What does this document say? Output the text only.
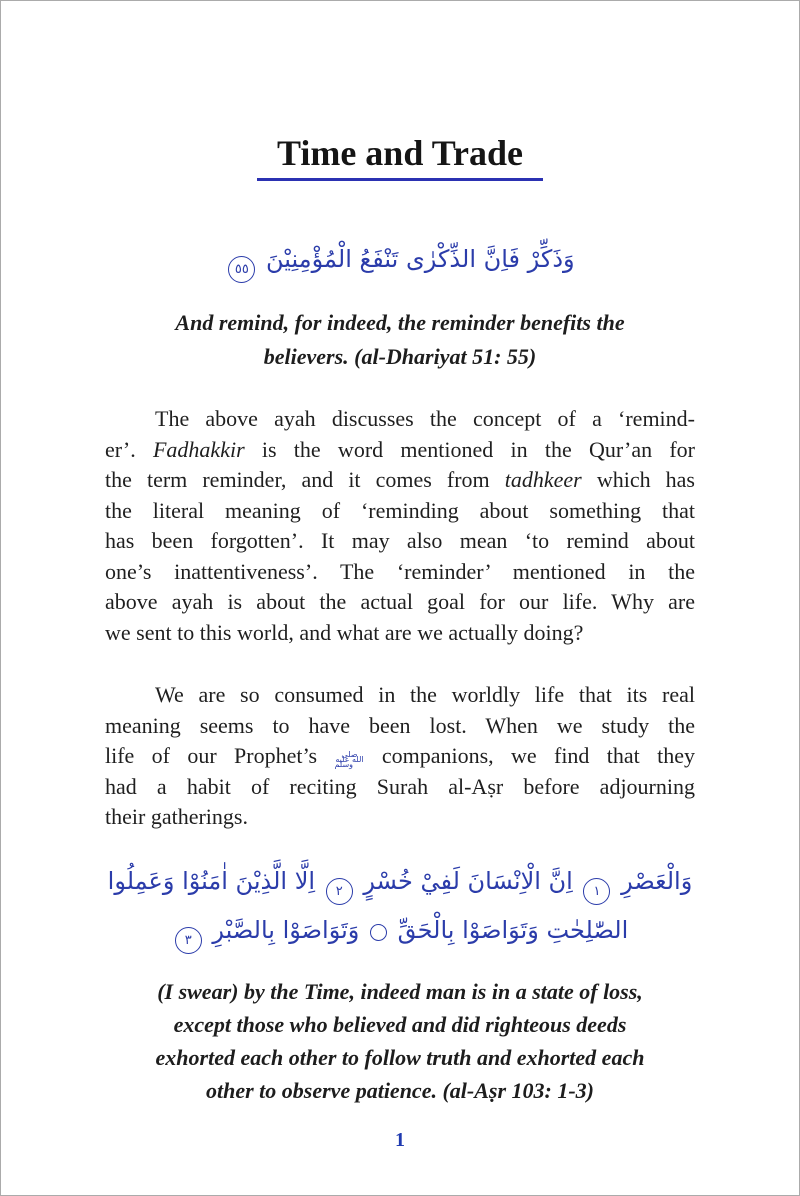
Time and Trade
وَذَكِّرْ فَاِنَّ الذِّكْرٰى تَنْفَعُ الْمُؤْمِنِيْنَ ٥٥
And remind, for indeed, the reminder benefits the
believers. (al-Dhariyat 51: 55)
The above ayah discusses the concept of a ‘remind-
er’. Fadhakkir is the word mentioned in the Qur’an for
the term reminder, and it comes from tadhkeer which has
the literal meaning of ‘reminding about something that
has been forgotten’. It may also mean ‘to remind about
one’s inattentiveness’. The ‘reminder’ mentioned in the
above ayah is about the actual goal for our life. Why are
we sent to this world, and what are we actually doing?
We are so consumed in the worldly life that its real
meaning seems to have been lost. When we study the
life of our Prophet’s صلى الله عليه وسلم companions, we find that they
had a habit of reciting Surah al-Aṣr before adjourning
their gatherings.
وَالْعَصْرِ ١ اِنَّ الْاِنْسَانَ لَفِيْ خُسْرٍ ٢ اِلَّا الَّذِيْنَ اٰمَنُوْا وَعَمِلُوا
الصّٰلِحٰتِ وَتَوَاصَوْا بِالْحَقِّ  وَتَوَاصَوْا بِالصَّبْرِ ٣
(I swear) by the Time, indeed man is in a state of loss,
except those who believed and did righteous deeds
exhorted each other to follow truth and exhorted each
other to observe patience. (al-Aṣr 103: 1-3)
1
